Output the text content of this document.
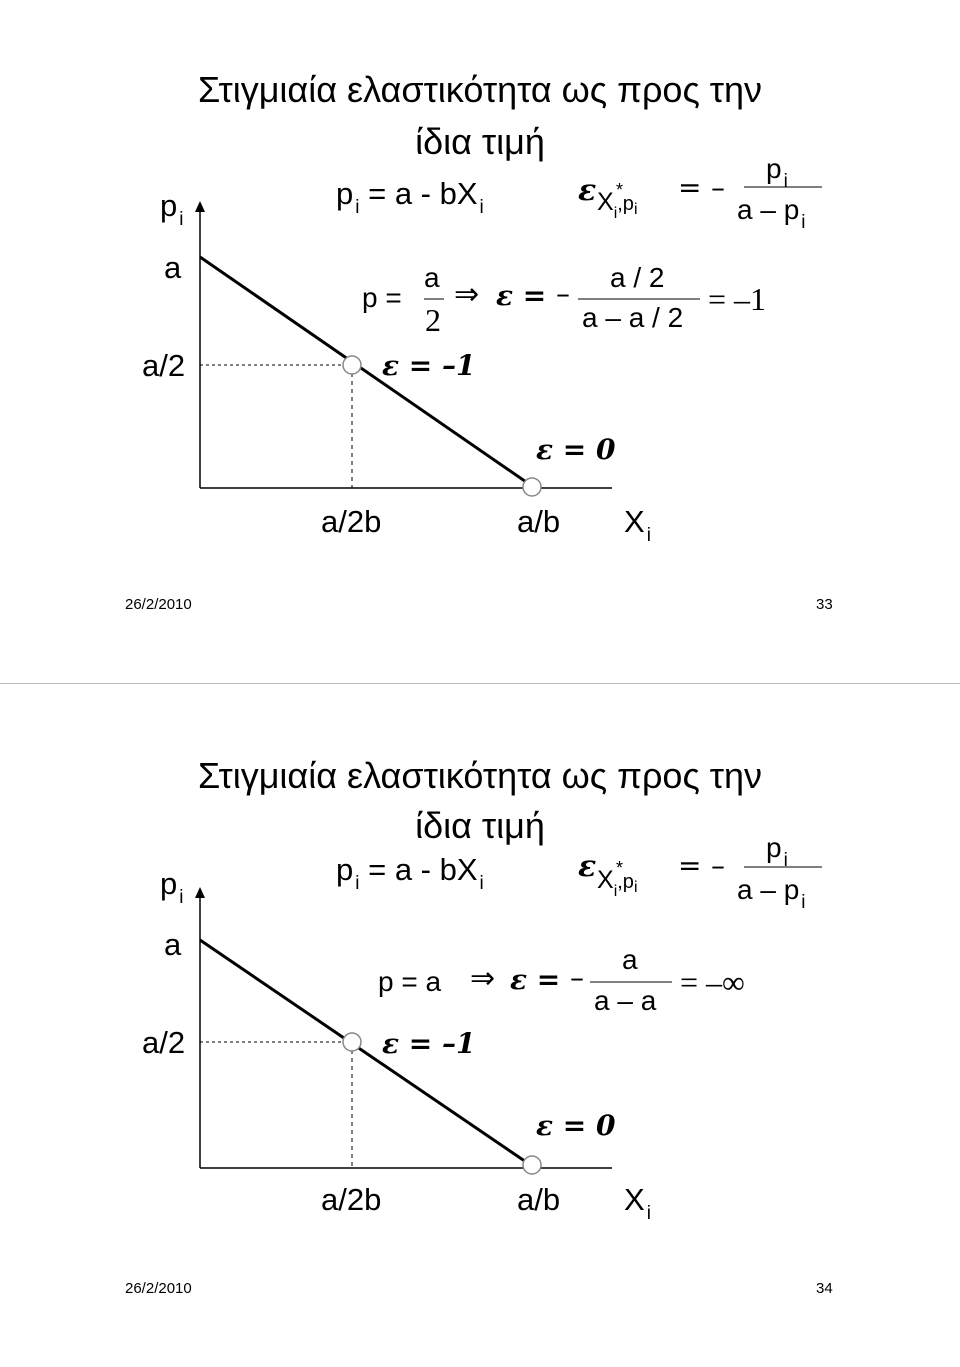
Στιγμιαία ελαστικότητα ως προς την
ίδια τιμή
p $_i$
a
a/2
a/2b	a/b X $_i$
p $_i$ = a - bX $_i$	ε $X_i,pi$
* = –
p $_i$
a – p $_i$
p =
a
2
⇒ ε = – a / 2
a – a / 2
= –1
ε = –1
ε = 0
26/2/2010	33
Στιγμιαία ελαστικότητα ως προς την
ίδια τιμή
p $_i$
a
a/2
a/2b	a/b X $_i$
p $_i$ = a - bX $_i$	ε $X_i,pi$
* = –
p $_i$
a – p $_i$
p = a ⇒ ε = –
a
a – a
= –∞
ε = –1
ε = 0
26/2/2010	34
